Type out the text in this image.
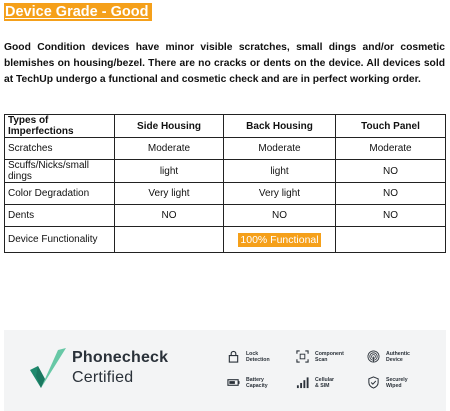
Device Grade - Good

Good Condition devices have minor visible scratches, small dings and/or cosmetic blemishes on housing/bezel. There are no cracks or dents on the device. All devices sold at TechUp undergo a functional and cosmetic check and are in perfect working order.

Types of Imperfections	Side Housing	Back Housing	Touch Panel
Scratches	Moderate	Moderate	Moderate
Scuffs/Nicks/small dings	light	light	NO
Color Degradation	Very light	Very light	NO
Dents	NO	NO	NO
Device Functionality		100% Functional	
Phonecheck
Certified
Lock
Detection
Component
Scan
Authentic
Device
Battery
Capacity
Cellular
& SIM
Securely
Wiped
